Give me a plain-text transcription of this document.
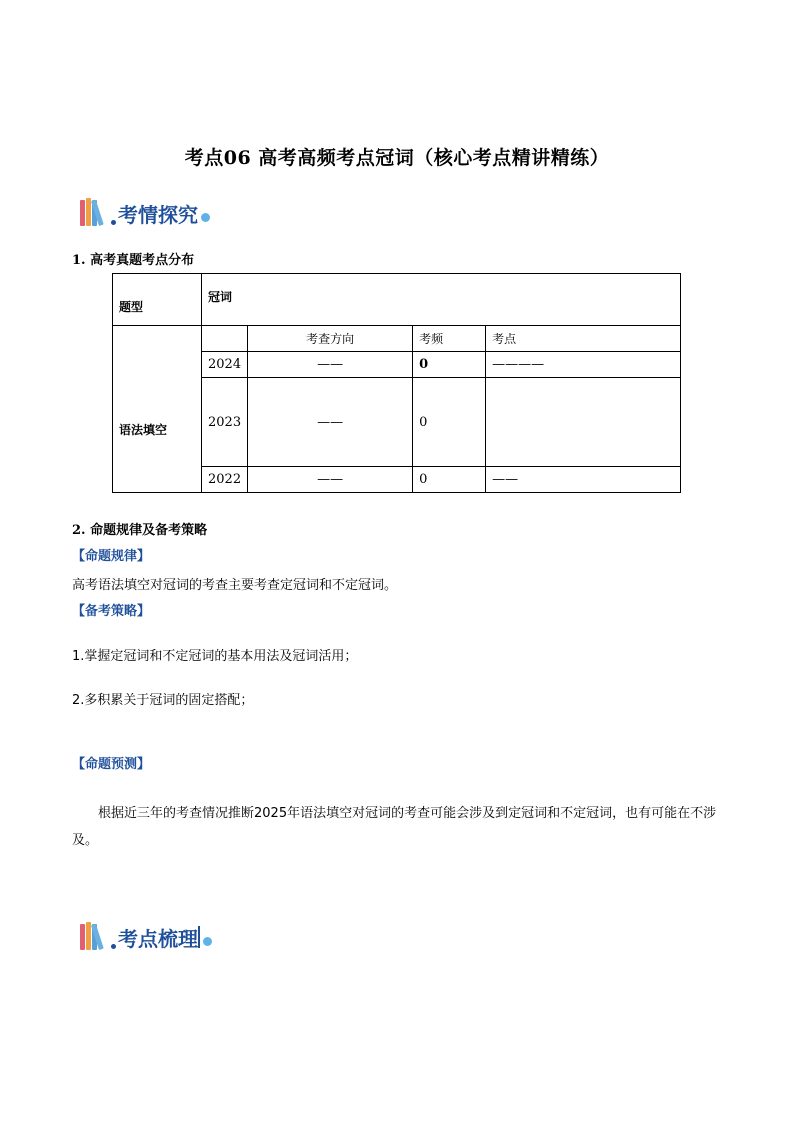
考点06 高考高频考点冠词（核心考点精讲精练）
考情探究
1. 高考真题考点分布
题型	冠词			
语法填空		考查方向	考频	考点
	2024	——	0	————
	2023	——	0	
	2022	——	0	——
2. 命题规律及备考策略
【命题规律】
高考语法填空对冠词的考查主要考查定冠词和不定冠词。
【备考策略】
1.掌握定冠词和不定冠词的基本用法及冠词活用；
2.多积累关于冠词的固定搭配；
【命题预测】
根据近三年的考查情况推断2025年语法填空对冠词的考查可能会涉及到定冠词和不定冠词，也有可能在不涉及。
考点梳理
